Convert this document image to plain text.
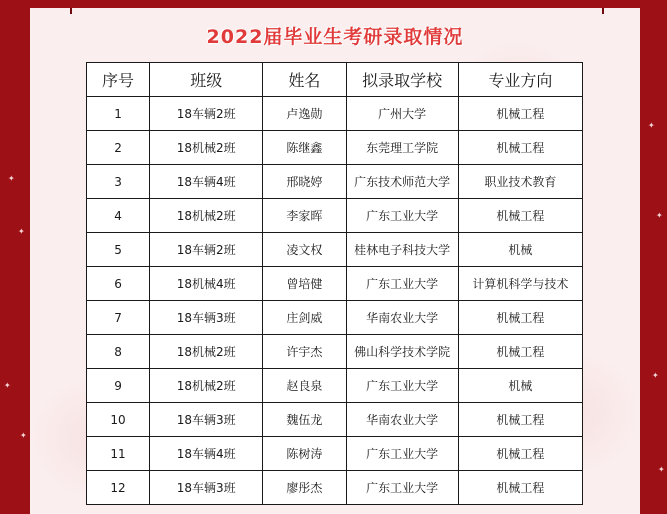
✦
✦
✦
✦
✦
✦
✦
✦
2022届毕业生考研录取情况
序号	班级	姓名	拟录取学校	专业方向
1	18车辆2班	卢逸勋	广州大学	机械工程
2	18机械2班	陈继鑫	东莞理工学院	机械工程
3	18车辆4班	邢晓婷	广东技术师范大学	职业技术教育
4	18机械2班	李家晖	广东工业大学	机械工程
5	18车辆2班	凌文权	桂林电子科技大学	机械
6	18机械4班	曾培健	广东工业大学	计算机科学与技术
7	18车辆3班	庄剑威	华南农业大学	机械工程
8	18机械2班	许宇杰	佛山科学技术学院	机械工程
9	18机械2班	赵良泉	广东工业大学	机械
10	18车辆3班	魏伍龙	华南农业大学	机械工程
11	18车辆4班	陈树涛	广东工业大学	机械工程
12	18车辆3班	廖彤杰	广东工业大学	机械工程
